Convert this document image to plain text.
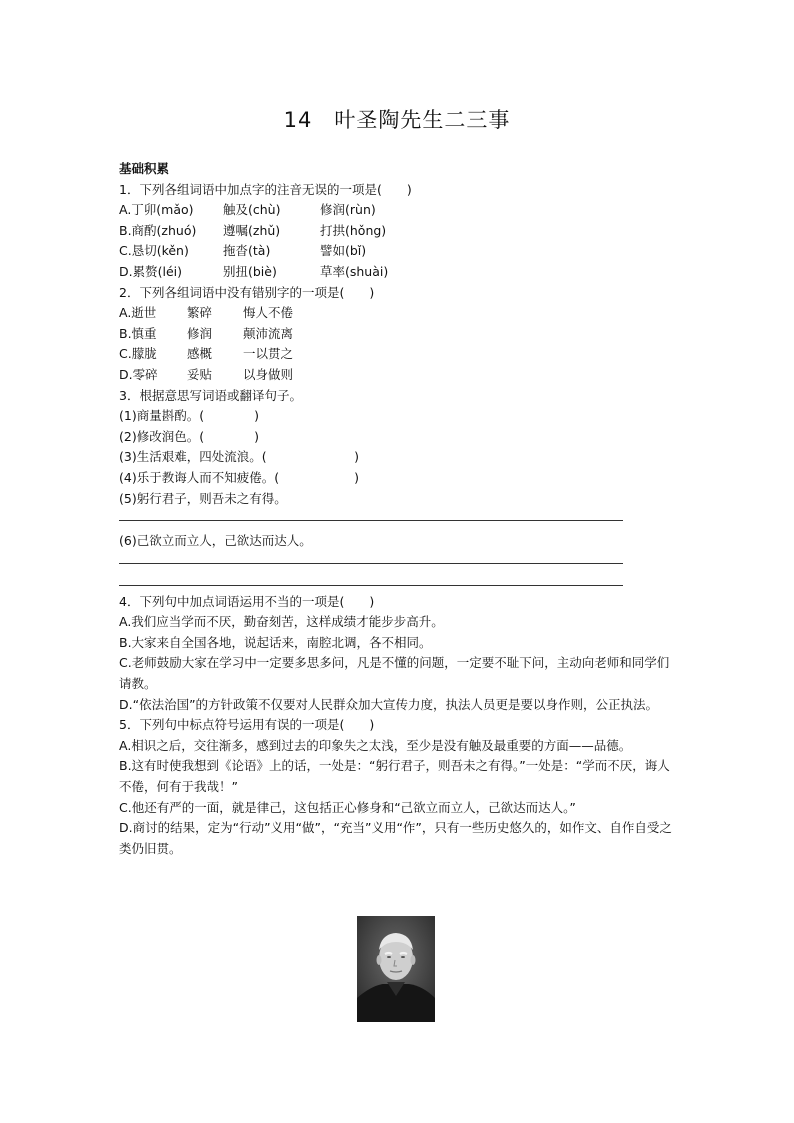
14　叶圣陶先生二三事
基础积累
1．下列各组词语中加点字的注音无误的一项是(　　)
A.丁卯(mǎo) 触及(chù)	修润(rùn)
B.商酌(zhuó) 遵嘱(zhǔ)	打拱(hǒng)
C.恳切(kěn)	拖沓(tà)	譬如(bǐ)
D.累赘(léi)	别扭(biè)	草率(shuài)
2．下列各组词语中没有错别字的一项是(　　)
A.逝世 繁碎 悔人不倦
B.慎重 修润 颠沛流离
C.朦胧 感概 一以贯之
D.零碎 妥贴 以身做则
3．根据意思写词语或翻译句子。
(1)商量斟酌。(　　　　)
(2)修改润色。(　　　　)
(3)生活艰难，四处流浪。(　　　　　　　)
(4)乐于教诲人而不知疲倦。(　　　　　　)
(5)躬行君子，则吾未之有得。
(6)己欲立而立人，己欲达而达人。
4．下列句中加点词语运用不当的一项是(　　)
A.我们应当学而不厌，勤奋刻苦，这样成绩才能步步高升。
B.大家来自全国各地，说起话来，南腔北调，各不相同。
C.老师鼓励大家在学习中一定要多思多问，凡是不懂的问题，一定要不耻下问，主动向老师和同学们请教。
D.“依法治国”的方针政策不仅要对人民群众加大宣传力度，执法人员更是要以身作则，公正执法。
5．下列句中标点符号运用有误的一项是(　　)
A.相识之后，交往渐多，感到过去的印象失之太浅，至少是没有触及最重要的方面——品德。
B.这有时使我想到《论语》上的话，一处是：“躬行君子，则吾未之有得。”一处是：“学而不厌，诲人不倦，何有于我哉！”
C.他还有严的一面，就是律己，这包括正心修身和“己欲立而立人，己欲达而达人。”
D.商讨的结果，定为“行动”义用“做”，“充当”义用“作”，只有一些历史悠久的，如作文、自作自受之类仍旧贯。
